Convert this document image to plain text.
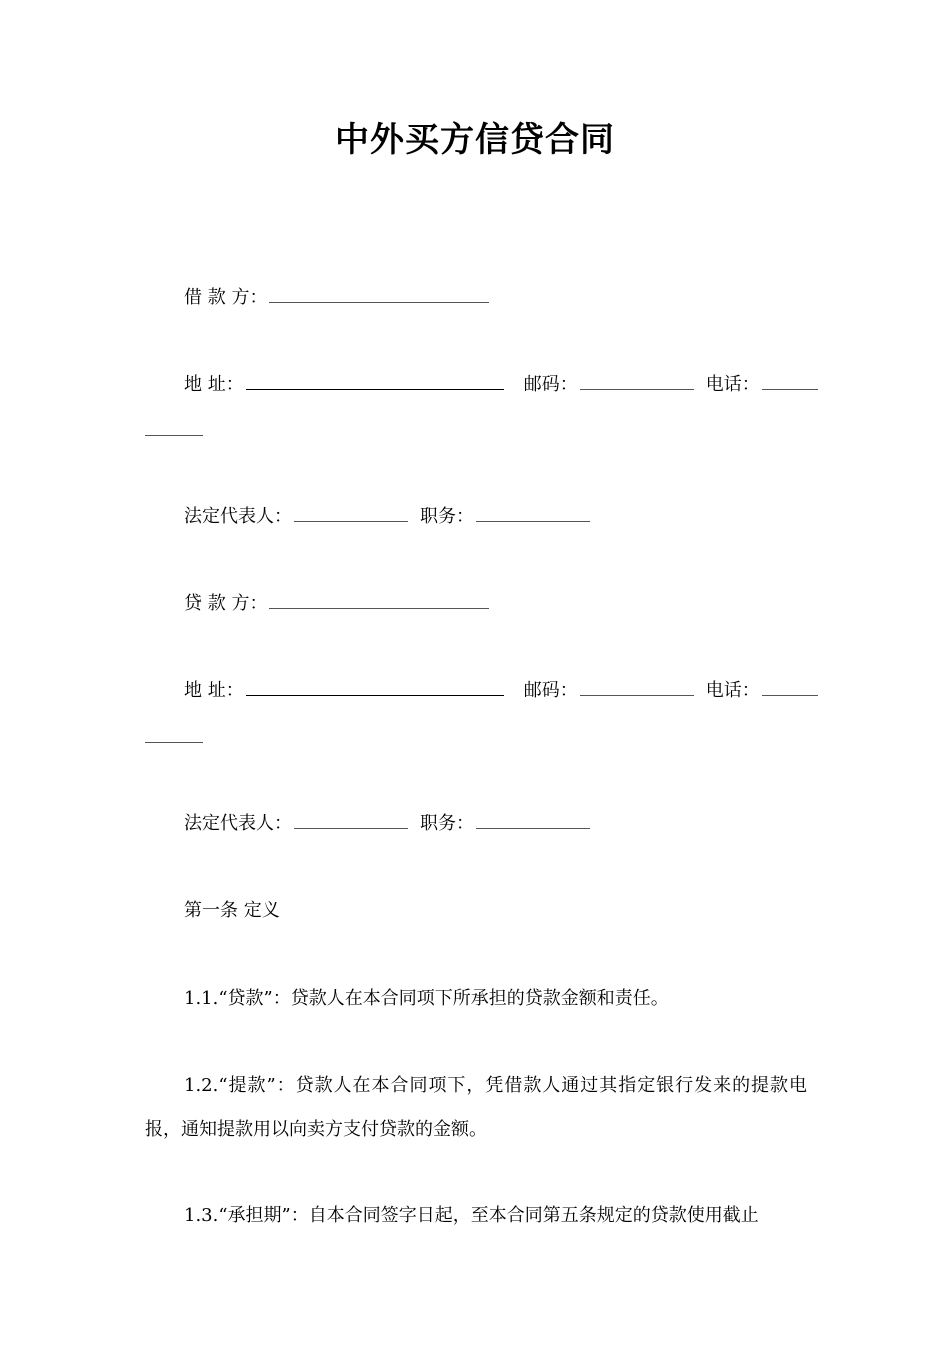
中外买方信贷合同
借 款 方：
地 址：	邮码：	电话：
法定代表人：	职务：
贷 款 方：
地 址：	邮码：	电话：
法定代表人：	职务：
第一条 定义

1.1.“贷款”：贷款人在本合同项下所承担的贷款金额和责任。

1.2.“提款”：贷款人在本合同项下，凭借款人通过其指定银行发来的提款电报，通知提款用以向卖方支付贷款的金额。

1.3.“承担期”：自本合同签字日起，至本合同第五条规定的贷款使用截止
